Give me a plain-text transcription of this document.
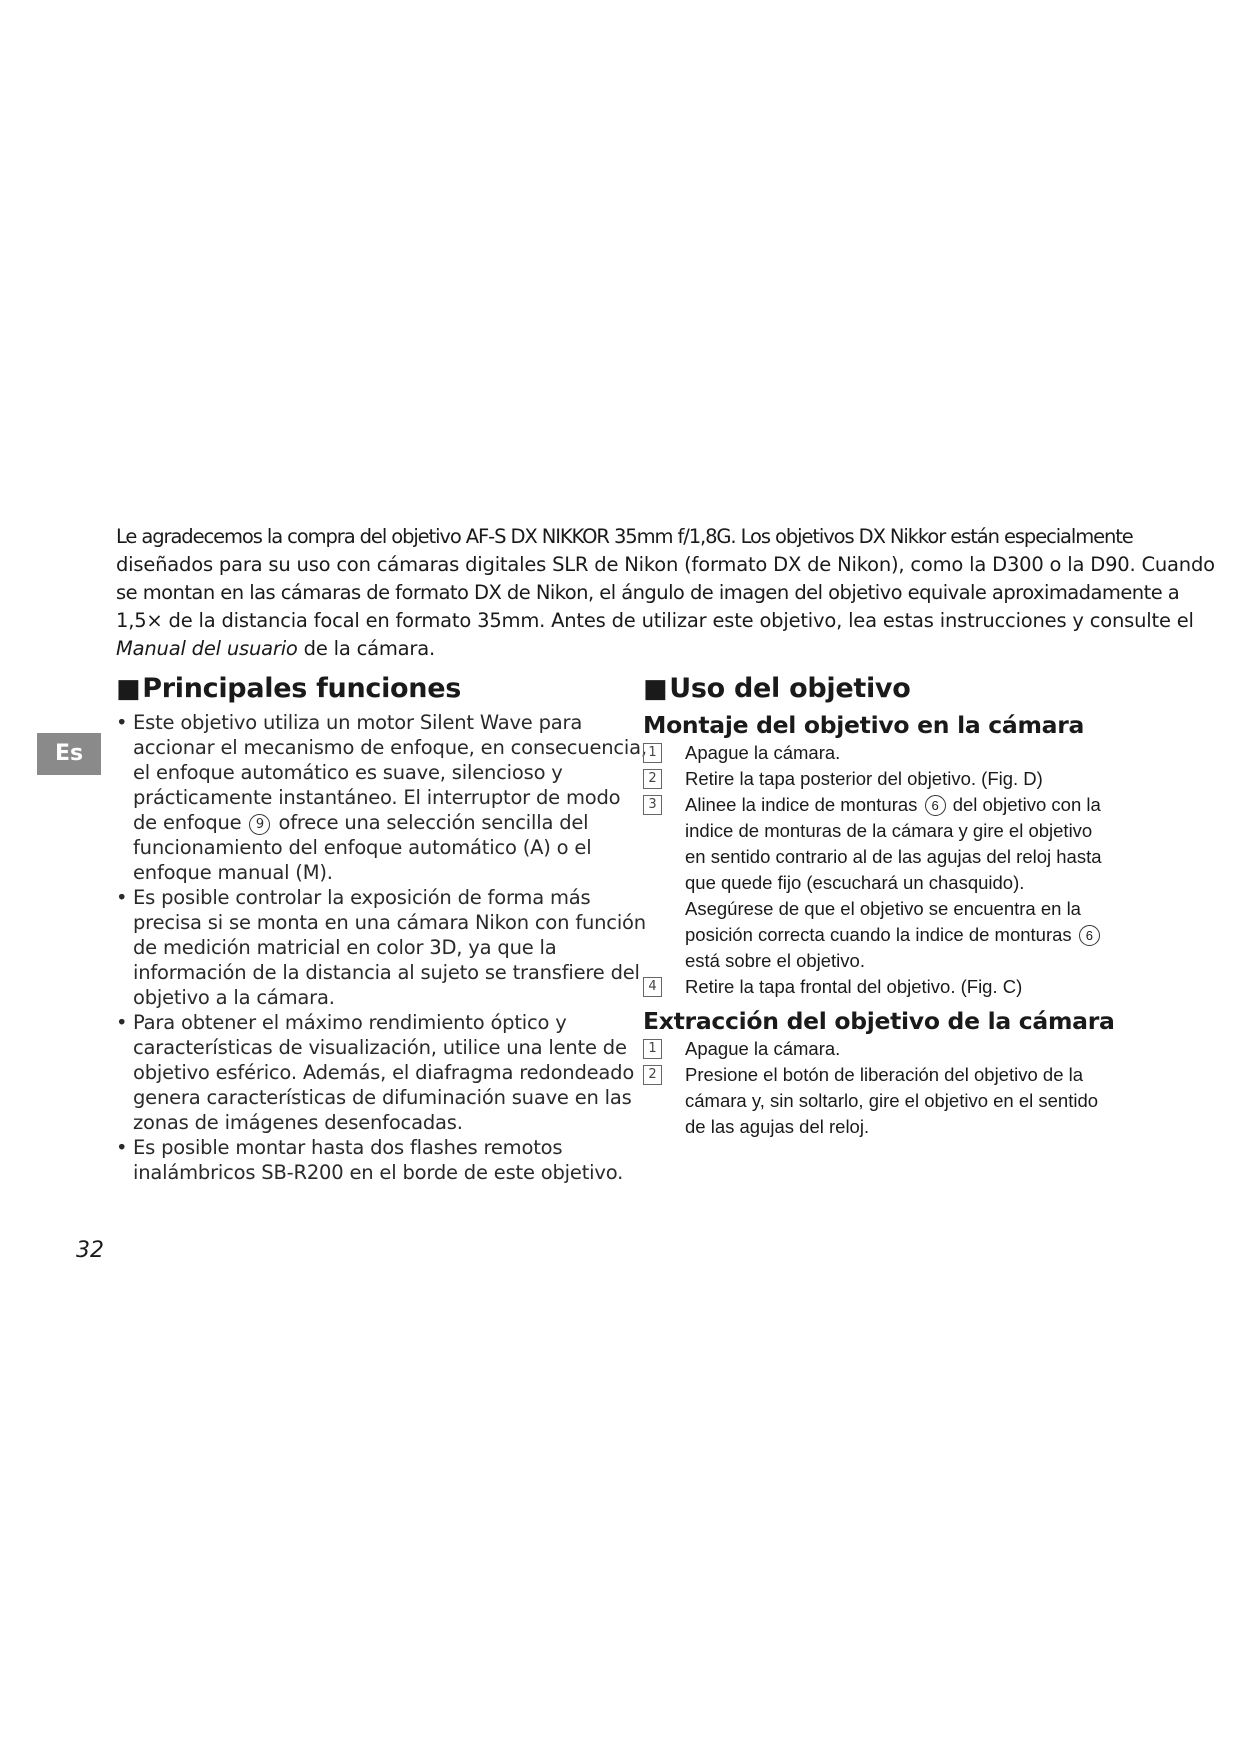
Le agradecemos la compra del objetivo AF-S DX NIKKOR 35mm f/1,8G. Los objetivos DX Nikkor están especialmente
diseñados para su uso con cámaras digitales SLR de Nikon (formato DX de Nikon), como la D300 o la D90. Cuando
se montan en las cámaras de formato DX de Nikon, el ángulo de imagen del objetivo equivale aproximadamente a
1,5× de la distancia focal en formato 35mm. Antes de utilizar este objetivo, lea estas instrucciones y consulte el
Manual del usuario de la cámara.
Es
■Principales funciones
• Este objetivo utiliza un motor Silent Wave para
accionar el mecanismo de enfoque, en consecuencia,
el enfoque automático es suave, silencioso y
prácticamente instantáneo. El interruptor de modo
de enfoque 9 ofrece una selección sencilla del
funcionamiento del enfoque automático (A) o el
enfoque manual (M).
• Es posible controlar la exposición de forma más
precisa si se monta en una cámara Nikon con función
de medición matricial en color 3D, ya que la
información de la distancia al sujeto se transfiere del
objetivo a la cámara.
• Para obtener el máximo rendimiento óptico y
características de visualización, utilice una lente de
objetivo esférico. Además, el diafragma redondeado
genera características de difuminación suave en las
zonas de imágenes desenfocadas.
• Es posible montar hasta dos flashes remotos
inalámbricos SB-R200 en el borde de este objetivo.
■Uso del objetivo
Montaje del objetivo en la cámara
1 Apague la cámara.
2 Retire la tapa posterior del objetivo. (Fig. D)
3 Alinee la indice de monturas 6 del objetivo con la
indice de monturas de la cámara y gire el objetivo
en sentido contrario al de las agujas del reloj hasta
que quede fijo (escuchará un chasquido).
Asegúrese de que el objetivo se encuentra en la
posición correcta cuando la indice de monturas 6
está sobre el objetivo.
4 Retire la tapa frontal del objetivo. (Fig. C)
Extracción del objetivo de la cámara
1 Apague la cámara.
2 Presione el botón de liberación del objetivo de la
cámara y, sin soltarlo, gire el objetivo en el sentido
de las agujas del reloj.
32
